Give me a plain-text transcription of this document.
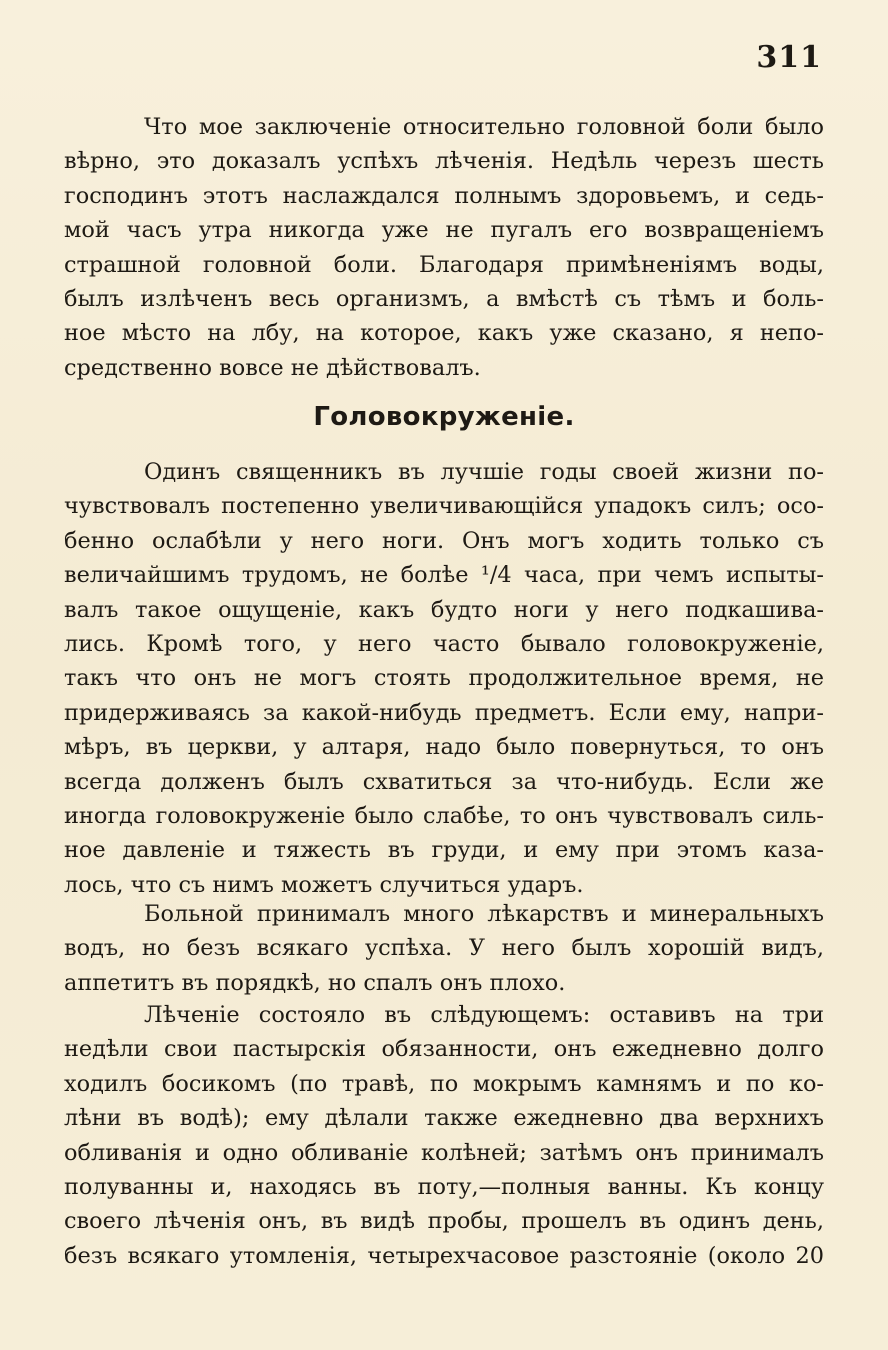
311

Что мое заключеніе относительно головной боли было
вѣрно, это доказалъ успѣхъ лѣченія. Недѣль черезъ шесть
господинъ этотъ наслаждался полнымъ здоровьемъ, и седь-
мой часъ утра никогда уже не пугалъ его возвращеніемъ
страшной головной боли. Благодаря примѣненіямъ воды,
былъ излѣченъ весь организмъ, а вмѣстѣ съ тѣмъ и боль-
ное мѣсто на лбу, на которое, какъ уже сказано, я непо-
средственно вовсе не дѣйствовалъ.

Головокруженіе.

Одинъ священникъ въ лучшіе годы своей жизни по-
чувствовалъ постепенно увеличивающійся упадокъ силъ; осо-
бенно ослабѣли у него ноги. Онъ могъ ходить только съ
величайшимъ трудомъ, не болѣе ¹/4 часа, при чемъ испыты-
валъ такое ощущеніе, какъ будто ноги у него подкашива-
лись. Кромѣ того, у него часто бывало головокруженіе,
такъ что онъ не могъ стоять продолжительное время, не
придерживаясь за какой-нибудь предметъ. Если ему, напри-
мѣръ, въ церкви, у алтаря, надо было повернуться, то онъ
всегда долженъ былъ схватиться за что-нибудь. Если же
иногда головокруженіе было слабѣе, то онъ чувствовалъ силь-
ное давленіе и тяжесть въ груди, и ему при этомъ каза-
лось, что съ нимъ можетъ случиться ударъ.

Больной принималъ много лѣкарствъ и минеральныхъ
водъ, но безъ всякаго успѣха. У него былъ хорошій видъ,
аппетитъ въ порядкѣ, но спалъ онъ плохо.

Лѣченіе состояло въ слѣдующемъ: оставивъ на три
недѣли свои пастырскія обязанности, онъ ежедневно долго
ходилъ босикомъ (по травѣ, по мокрымъ камнямъ и по ко-
лѣни въ водѣ); ему дѣлали также ежедневно два верхнихъ
обливанія и одно обливаніе колѣней; затѣмъ онъ принималъ
полуванны и, находясь въ поту,—полныя ванны. Къ концу
своего лѣченія онъ, въ видѣ пробы, прошелъ въ одинъ день,
безъ всякаго утомленія, четырехчасовое разстояніе (около 20
